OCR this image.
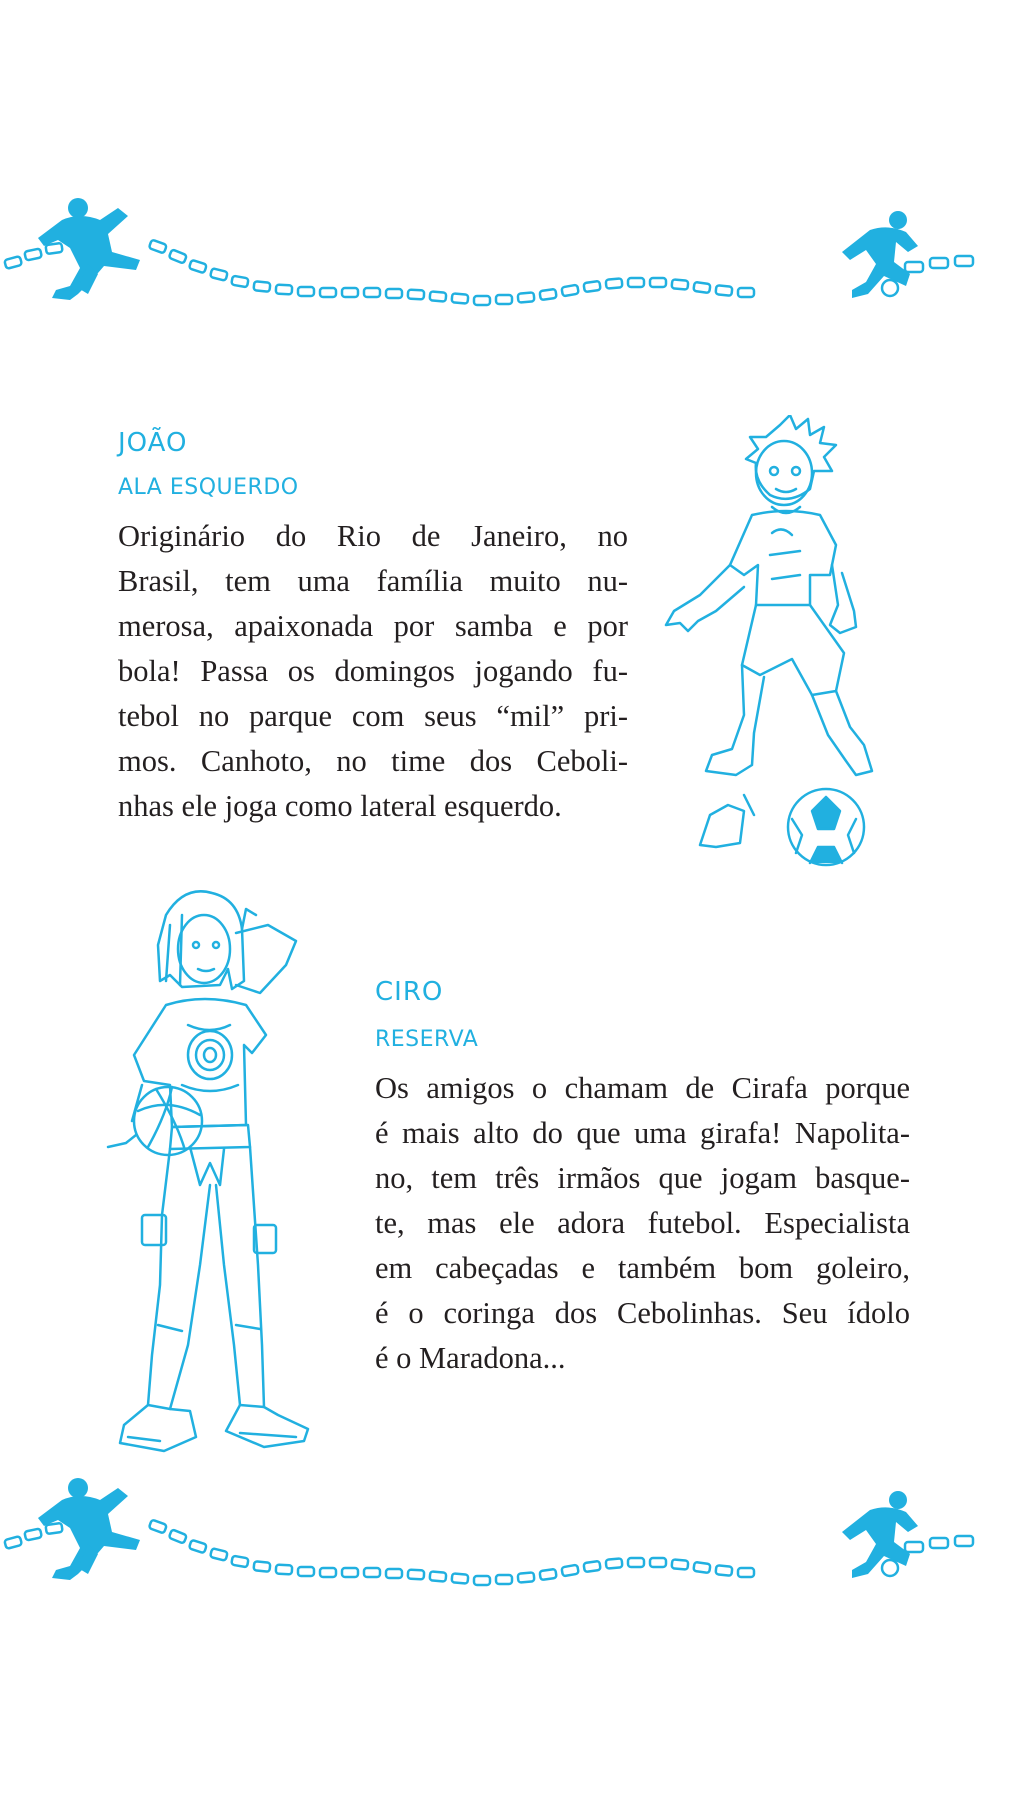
JOÃO
ALA ESQUERDO
Originário do Rio de Janeiro, no
Brasil, tem uma família muito nu-
merosa, apaixonada por samba e por
bola! Passa os domingos jogando fu-
tebol no parque com seus “mil” pri-
mos. Canhoto, no time dos Ceboli-
nhas ele joga como lateral esquerdo.
CIRO
RESERVA
Os amigos o chamam de Cirafa porque
é mais alto do que uma girafa! Napolita-
no, tem três irmãos que jogam basque-
te, mas ele adora futebol. Especialista
em cabeçadas e também bom goleiro,
é o coringa dos Cebolinhas. Seu ídolo
é o Maradona...
